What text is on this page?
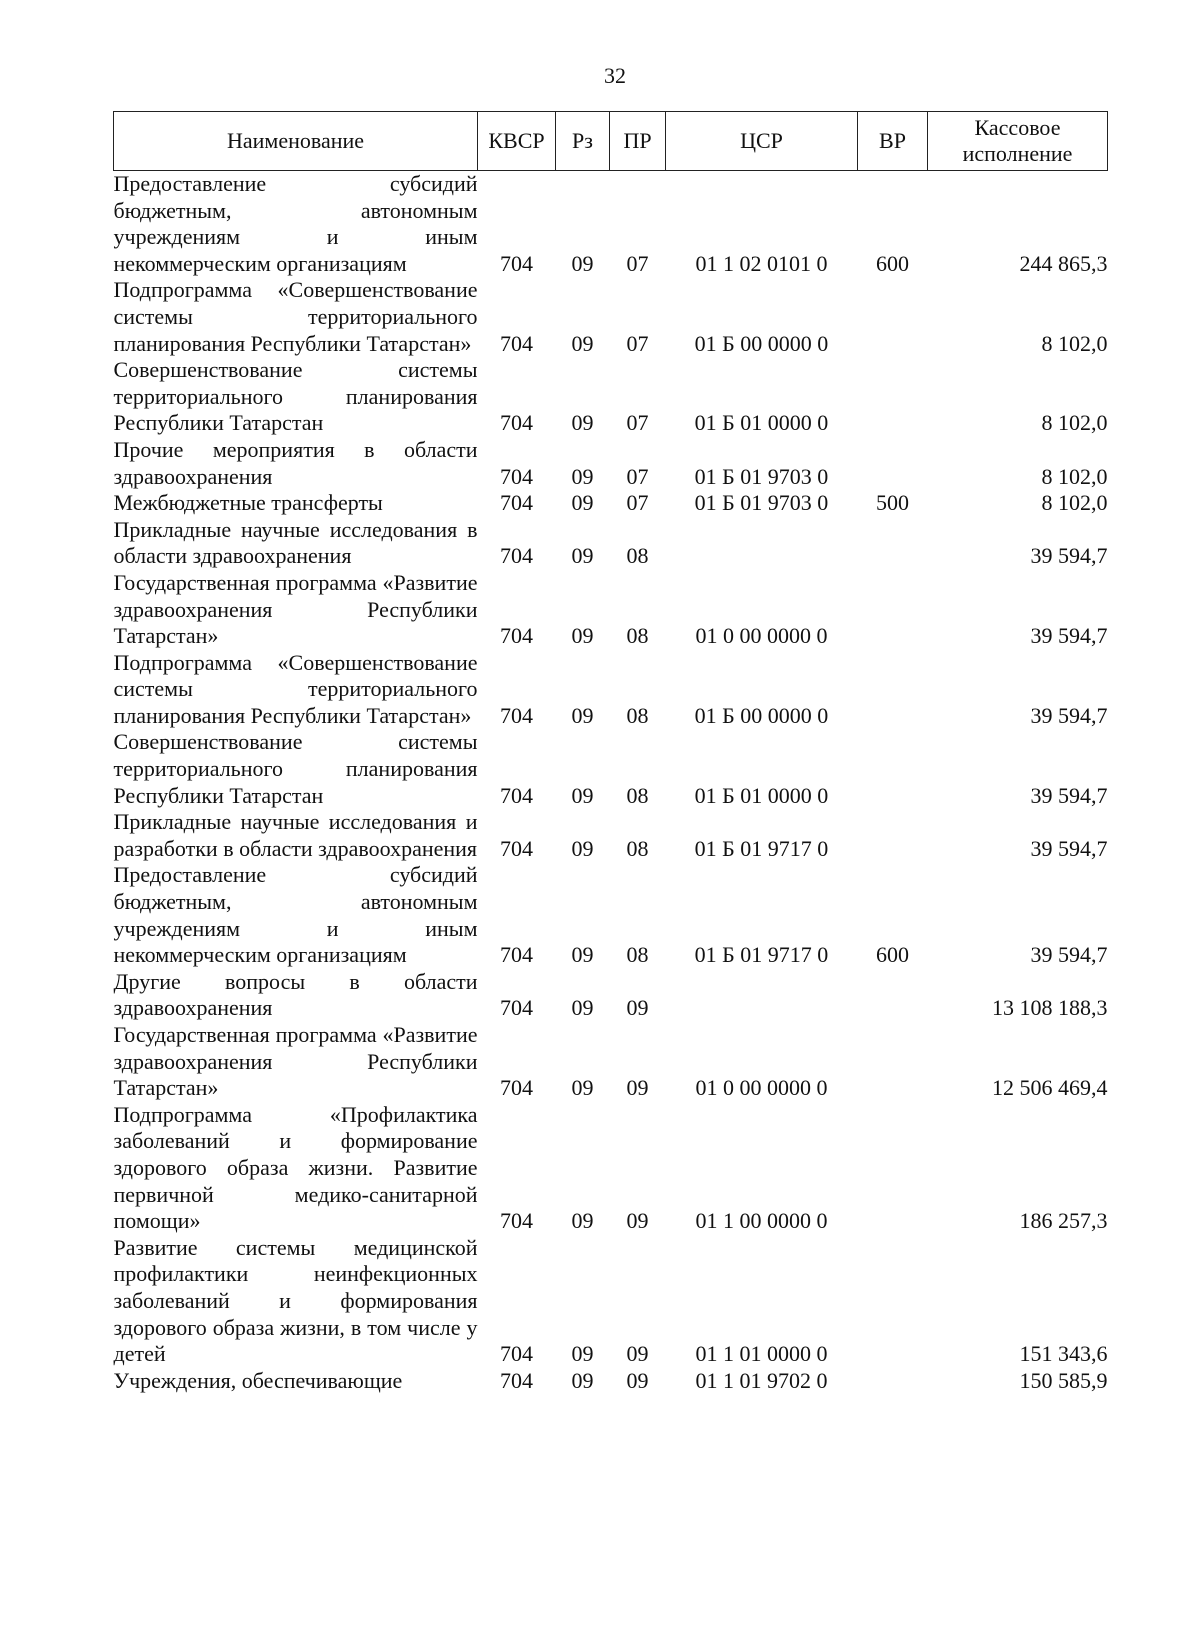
32
Наименование	КВСР	Рз	ПР	ЦСР	ВР	Кассовое
исполнение

Предоставление субсидий бюджетным, автономным учреждениям и иным некоммерческим организациям	704	09	07	01 1 02 0101 0	600	244 865,3
Подпрограмма «Совершенствование системы территориального планирования Республики Татарстан»	704	09	07	01 Б 00 0000 0		8 102,0
Совершенствование системы территориального планирования Республики Татарстан	704	09	07	01 Б 01 0000 0		8 102,0
Прочие мероприятия в области здравоохранения	704	09	07	01 Б 01 9703 0		8 102,0
Межбюджетные трансферты	704	09	07	01 Б 01 9703 0	500	8 102,0
Прикладные научные исследования в области здравоохранения	704	09	08			39 594,7
Государственная программа «Развитие здравоохранения Республики Татарстан»	704	09	08	01 0 00 0000 0		39 594,7
Подпрограмма «Совершенствование системы территориального планирования Республики Татарстан»	704	09	08	01 Б 00 0000 0		39 594,7
Совершенствование системы территориального планирования Республики Татарстан	704	09	08	01 Б 01 0000 0		39 594,7
Прикладные научные исследования и разработки в области здравоохранения	704	09	08	01 Б 01 9717 0		39 594,7
Предоставление субсидий бюджетным, автономным учреждениям и иным некоммерческим организациям	704	09	08	01 Б 01 9717 0	600	39 594,7
Другие вопросы в области здравоохранения	704	09	09			13 108 188,3
Государственная программа «Развитие здравоохранения Республики Татарстан»	704	09	09	01 0 00 0000 0		12 506 469,4
Подпрограмма «Профилактика заболеваний и формирование здорового образа жизни. Развитие первичной медико-санитарной помощи»	704	09	09	01 1 00 0000 0		186 257,3
Развитие системы медицинской профилактики неинфекционных заболеваний и формирования здорового образа жизни, в том числе у детей	704	09	09	01 1 01 0000 0		151 343,6
Учреждения, обеспечивающие	704	09	09	01 1 01 9702 0		150 585,9
